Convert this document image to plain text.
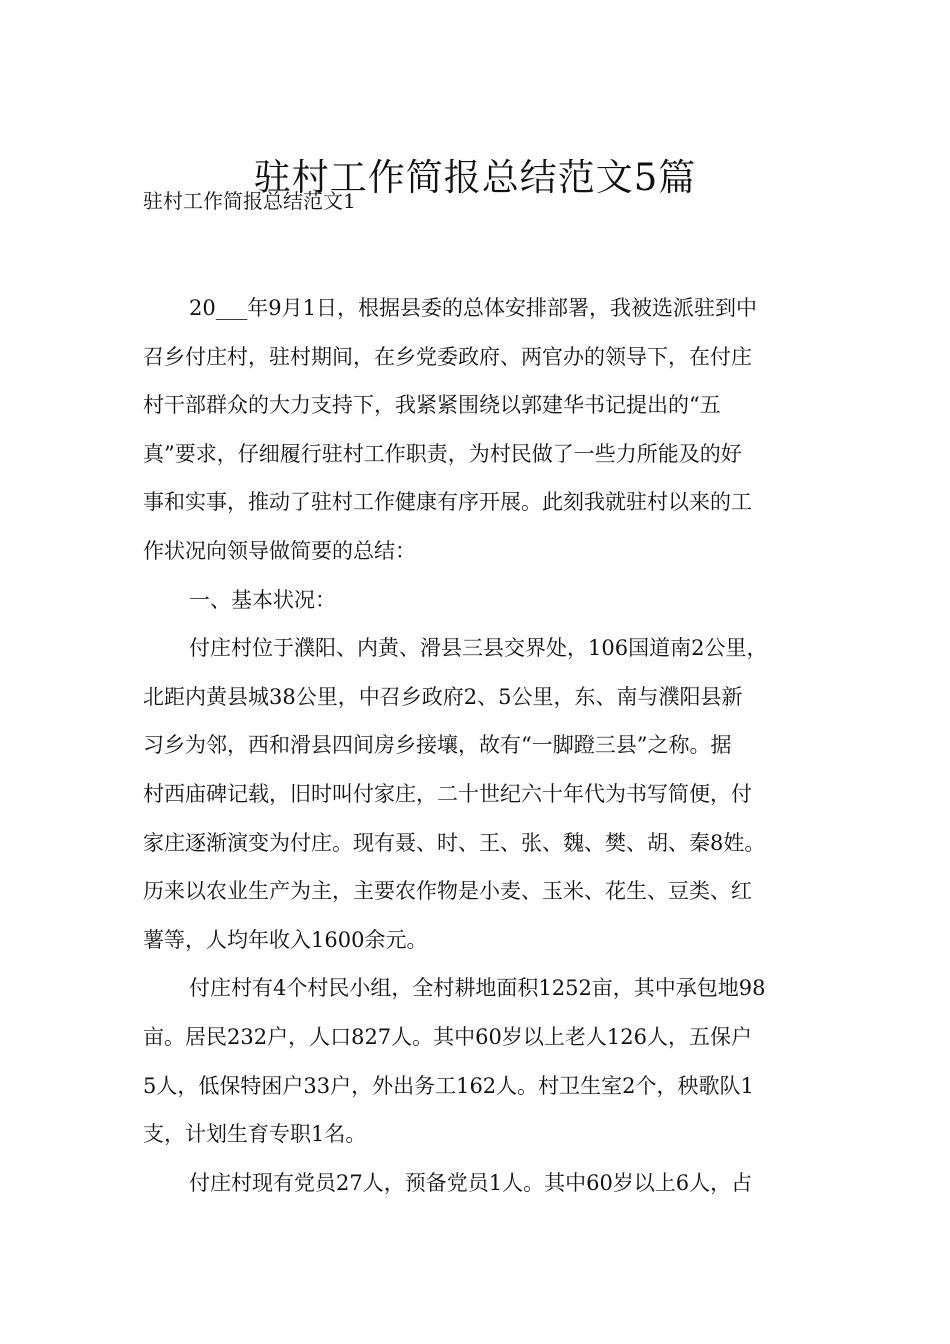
驻村工作简报总结范文5篇
驻村工作简报总结范文1
20___年9月1日，根据县委的总体安排部署，我被选派驻到中
召乡付庄村，驻村期间，在乡党委政府、两官办的领导下，在付庄
村干部群众的大力支持下，我紧紧围绕以郭建华书记提出的“五
真”要求，仔细履行驻村工作职责，为村民做了一些力所能及的好
事和实事，推动了驻村工作健康有序开展。此刻我就驻村以来的工
作状况向领导做简要的总结：
一、基本状况：
付庄村位于濮阳、内黄、滑县三县交界处，106国道南2公里，
北距内黄县城38公里，中召乡政府2、5公里，东、南与濮阳县新
习乡为邻，西和滑县四间房乡接壤，故有“一脚蹬三县”之称。据
村西庙碑记载，旧时叫付家庄，二十世纪六十年代为书写简便，付
家庄逐渐演变为付庄。现有聂、时、王、张、魏、樊、胡、秦8姓。
历来以农业生产为主，主要农作物是小麦、玉米、花生、豆类、红
薯等，人均年收入1600余元。
付庄村有4个村民小组，全村耕地面积1252亩，其中承包地98
亩。居民232户，人口827人。其中60岁以上老人126人，五保户
5人，低保特困户33户，外出务工162人。村卫生室2个，秧歌队1
支，计划生育专职1名。
付庄村现有党员27人，预备党员1人。其中60岁以上6人，占
